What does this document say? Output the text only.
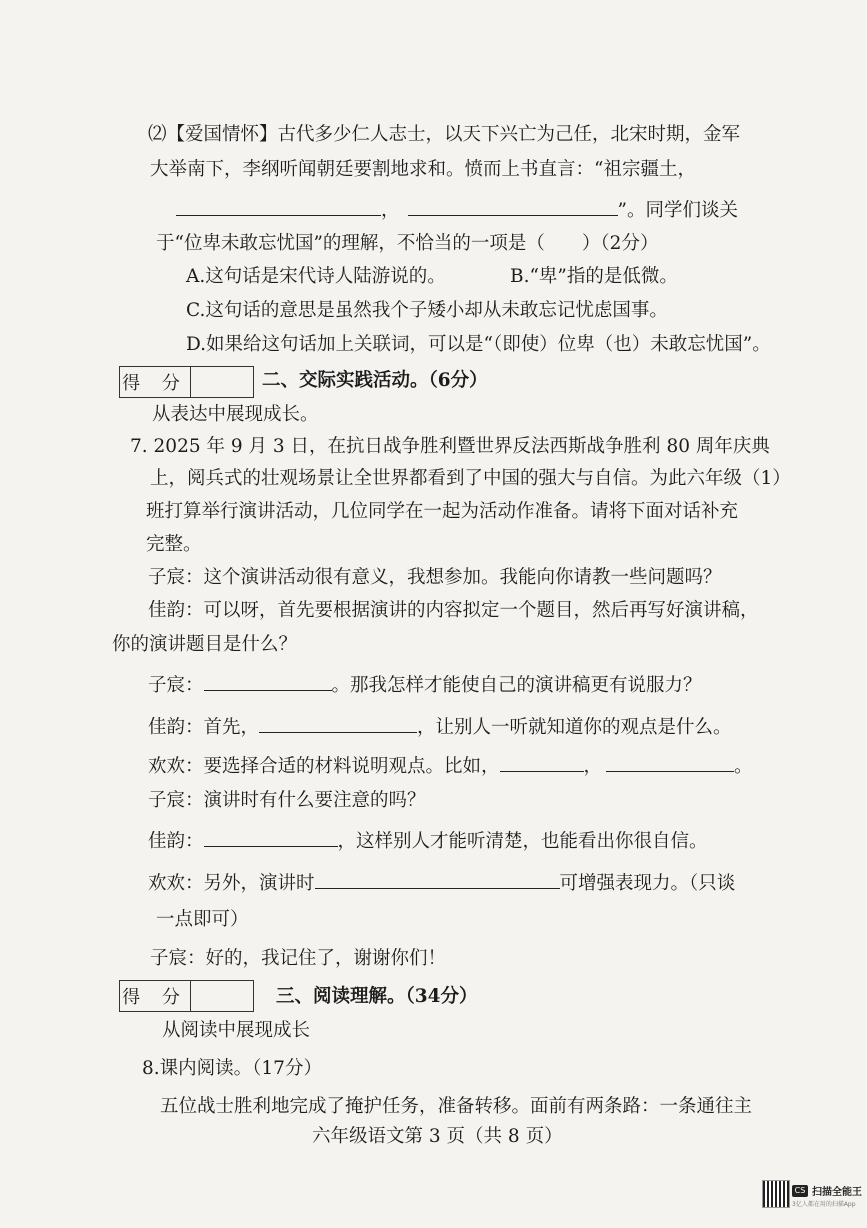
⑵【爱国情怀】古代多少仁人志士，以天下兴亡为己任，北宋时期，金军
大举南下，李纲听闻朝廷要割地求和。愤而上书直言：“祖宗疆土，
，	”。同学们谈关
于“位卑未敢忘忧国”的理解，不恰当的一项是（　　）（2分）
A.这句话是宋代诗人陆游说的。	B.“卑”指的是低微。
C.这句话的意思是虽然我个子矮小却从未敢忘记忧虑国事。
D.如果给这句话加上关联词，可以是“（即使）位卑（也）未敢忘忧国”。
得 分	二、交际实践活动。（6分）
从表达中展现成长。
7. 2025 年 9 月 3 日，在抗日战争胜利暨世界反法西斯战争胜利 80 周年庆典
上，阅兵式的壮观场景让全世界都看到了中国的强大与自信。为此六年级（1）
班打算举行演讲活动，几位同学在一起为活动作准备。请将下面对话补充
完整。
子宸：这个演讲活动很有意义，我想参加。我能向你请教一些问题吗？
佳韵：可以呀，首先要根据演讲的内容拟定一个题目，然后再写好演讲稿，
你的演讲题目是什么？
子宸：	。那我怎样才能使自己的演讲稿更有说服力？
佳韵：首先，	，让别人一听就知道你的观点是什么。
欢欢：要选择合适的材料说明观点。比如，	，	。
子宸：演讲时有什么要注意的吗？
佳韵：	，这样别人才能听清楚，也能看出你很自信。
欢欢：另外，演讲时	可增强表现力。（只谈
一点即可）
子宸：好的，我记住了，谢谢你们！
得 分	三、阅读理解。（34分）
从阅读中展现成长
8.课内阅读。（17分）
五位战士胜利地完成了掩护任务，准备转移。面前有两条路：一条通往主
六年级语文第 3 页（共 8 页）
CS 扫描全能王
3亿人都在用的扫描App
